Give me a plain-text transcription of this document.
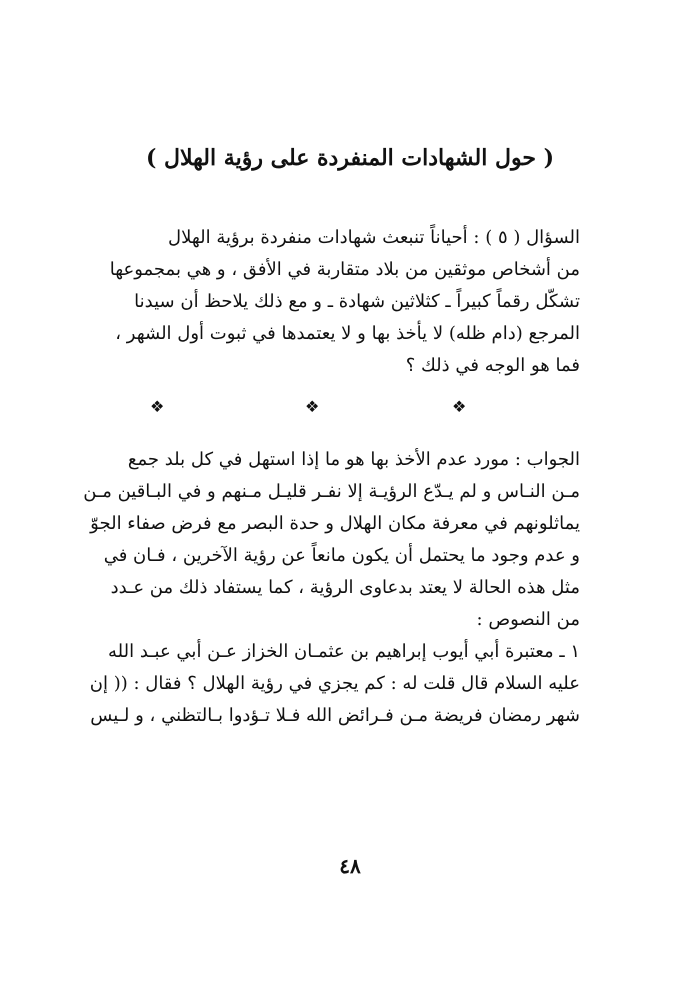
( حول الشهادات المنفردة على رؤية الهلال )
السؤال ( ٥ ) : أحياناً تنبعث شهادات منفردة برؤية الهلال
من أشخاص موثقين من بلاد متقاربة في الأفق ، و هي بمجموعها
تشكّل رقماً كبيراً ـ كثلاثين شهادة ـ و مع ذلك يلاحظ أن سيدنا
المرجع (دام ظله) لا يأخذ بها و لا يعتمدها في ثبوت أول الشهر ،
فما هو الوجه في ذلك ؟
❖
❖
❖
الجواب : مورد عدم الأخذ بها هو ما إذا استهل في كل بلد جمع
مـن النـاس و لم يـدّع الرؤيـة إلا نفـر قليـل مـنهم و في البـاقين مـن
يماثلونهم في معرفة مكان الهلال و حدة البصر مع فرض صفاء الجوّ
و عدم وجود ما يحتمل أن يكون مانعاً عن رؤية الآخرين ، فـان في
مثل هذه الحالة لا يعتد بدعاوى الرؤية ، كما يستفاد ذلك من عـدد
من النصوص :
١ ـ معتبرة أبي أيوب إبراهيم بن عثمـان الخزاز عـن أبي عبـد الله
عليه السلام قال قلت له : كم يجزي في رؤية الهلال ؟ فقال : (( إن
شهر رمضان فريضة مـن فـرائض الله فـلا تـؤدوا بـالتظني ، و لـيس
٤٨
